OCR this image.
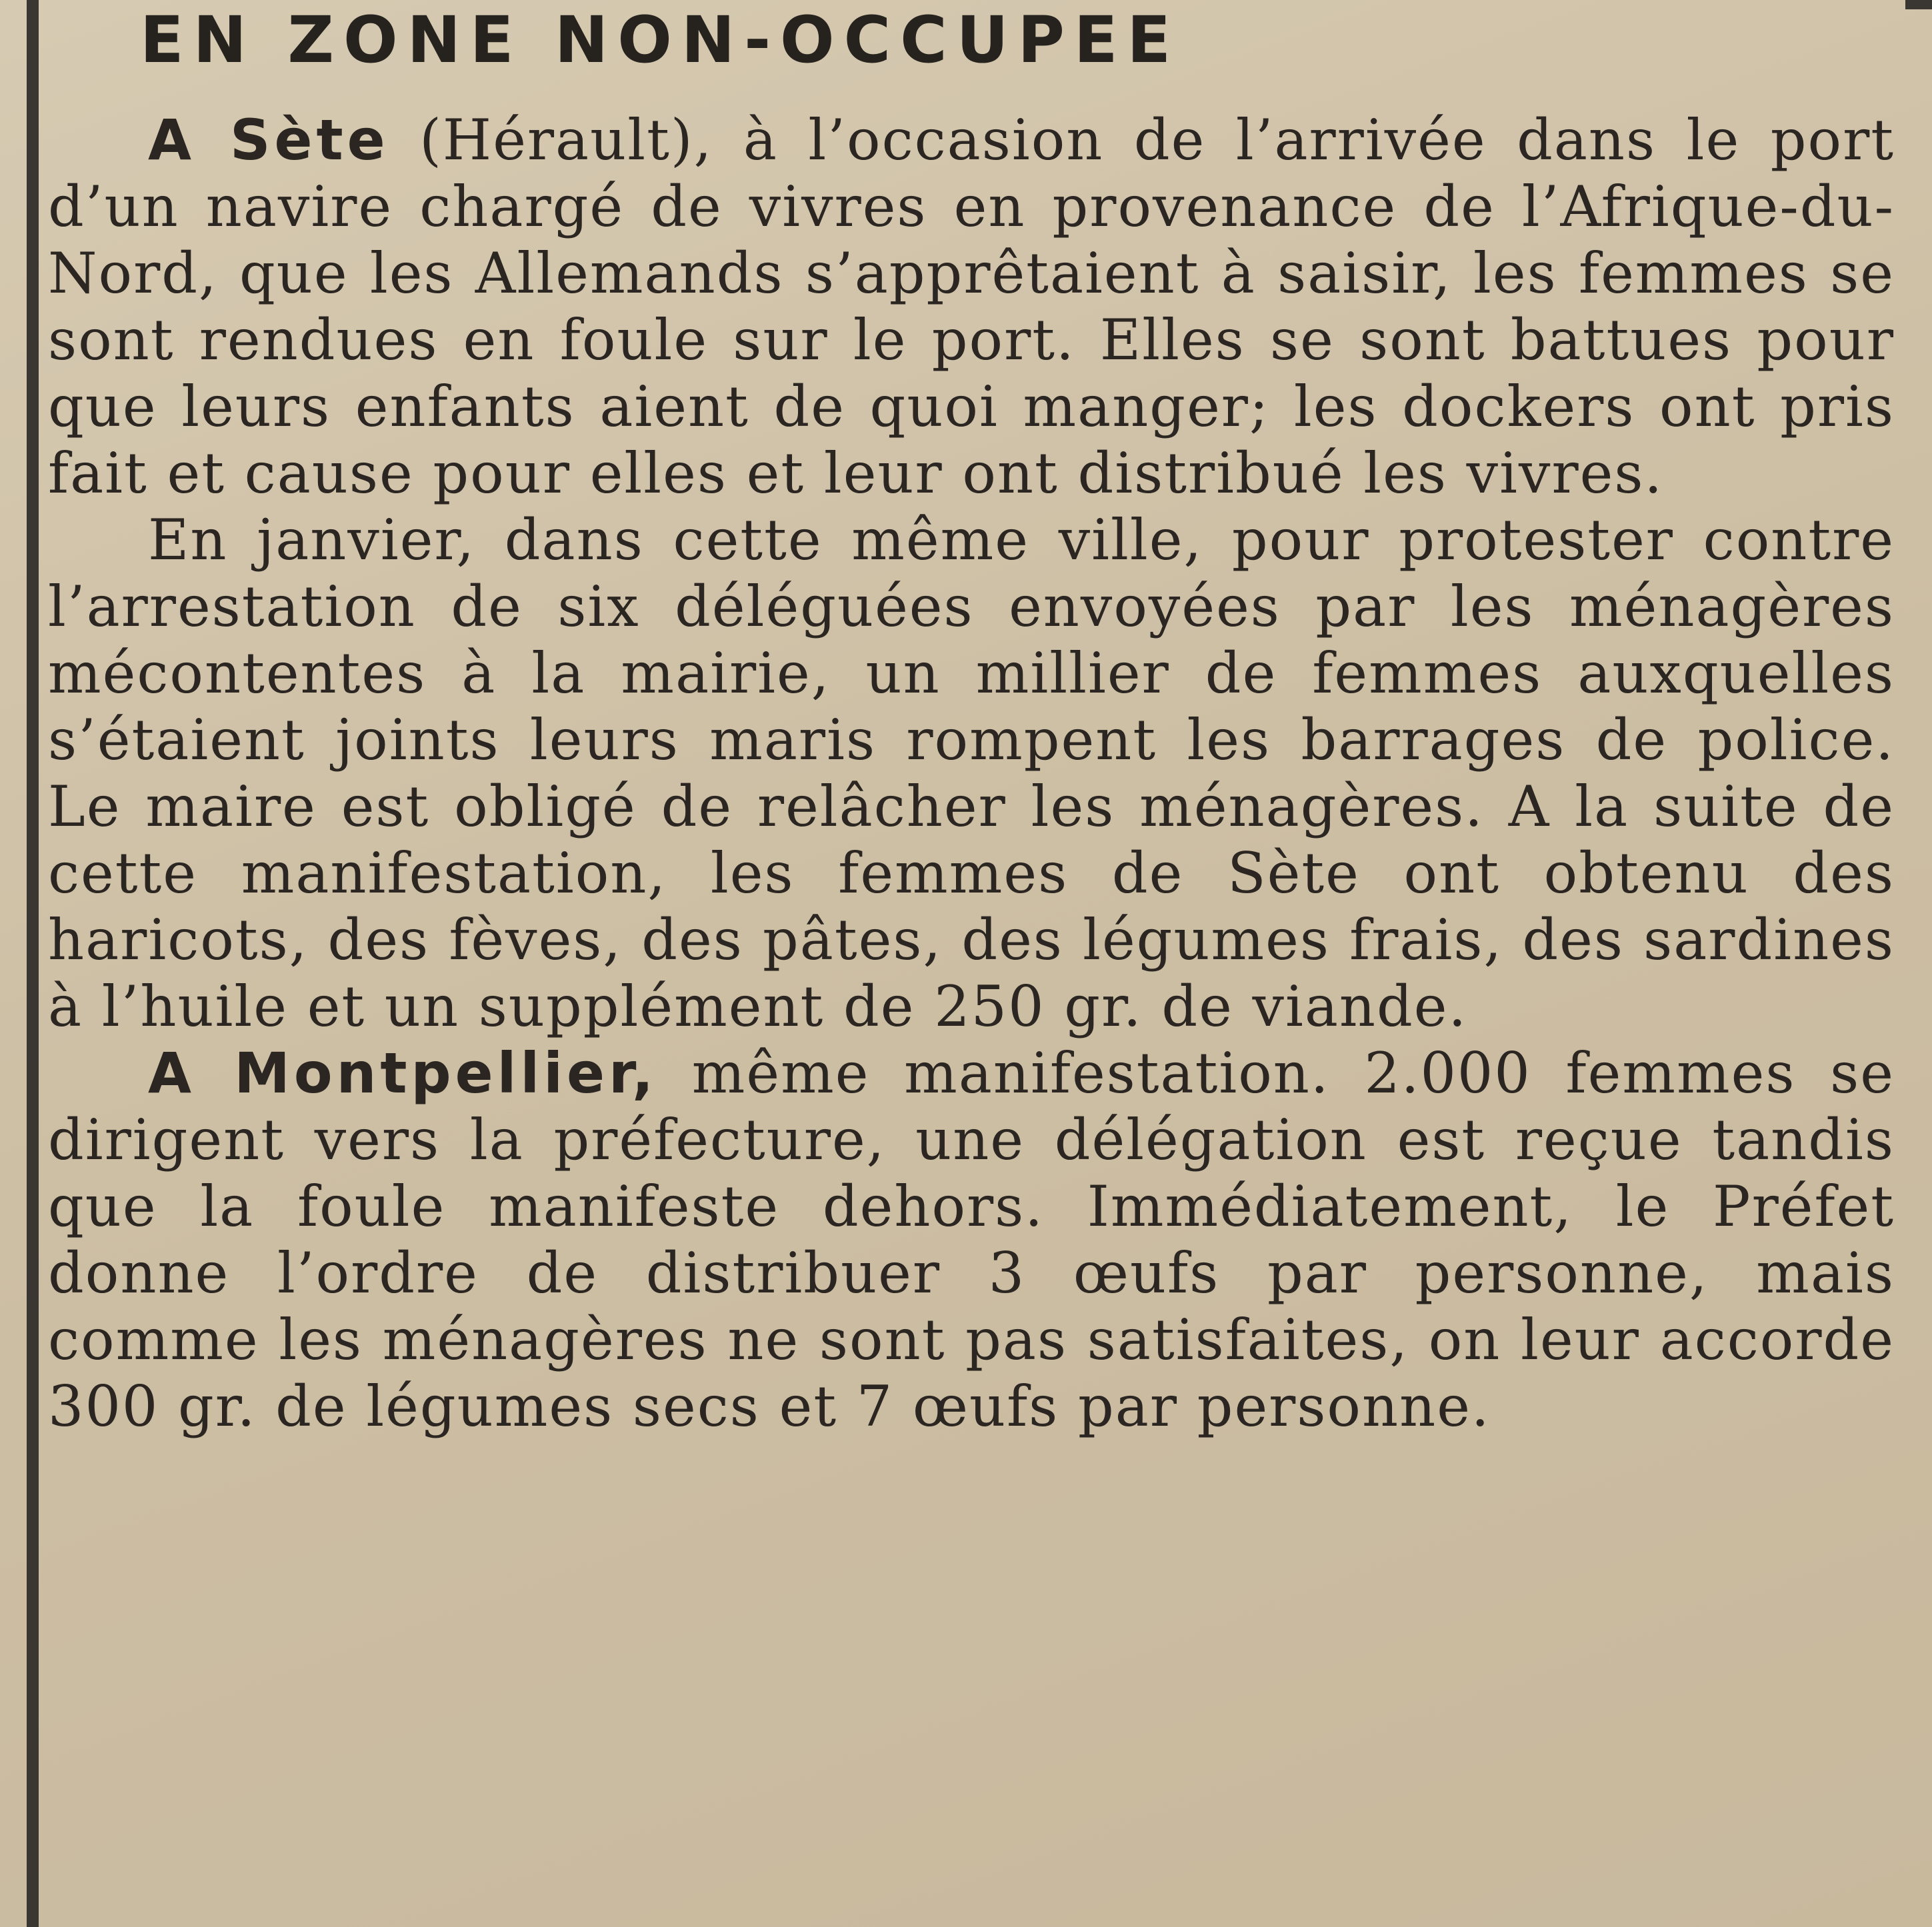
EN ZONE NON-OCCUPEE

A Sète (Hérault), à l’occasion de l’arrivée dans le port d’un navire chargé de vivres en provenance de l’Afrique-du-Nord, que les Allemands s’apprêtaient à saisir, les femmes se sont rendues en foule sur le port. Elles se sont battues pour que leurs enfants aient de quoi manger; les dockers ont pris fait et cause pour elles et leur ont distribué les vivres.

En janvier, dans cette même ville, pour protester contre l’arrestation de six déléguées envoyées par les ménagères mécontentes à la mairie, un millier de femmes auxquelles s’étaient joints leurs maris rompent les barrages de police. Le maire est obligé de relâcher les ménagères. A la suite de cette manifestation, les femmes de Sète ont obtenu des haricots, des fèves, des pâtes, des légumes frais, des sardines à l’huile et un supplément de 250 gr. de viande.

A Montpellier, même manifestation. 2.000 femmes se dirigent vers la préfecture, une délégation est reçue tandis que la foule manifeste dehors. Immédiatement, le Préfet donne l’ordre de distribuer 3 œufs par personne, mais comme les ménagères ne sont pas satisfaites, on leur accorde 300 gr. de légumes secs et 7 œufs par personne.
